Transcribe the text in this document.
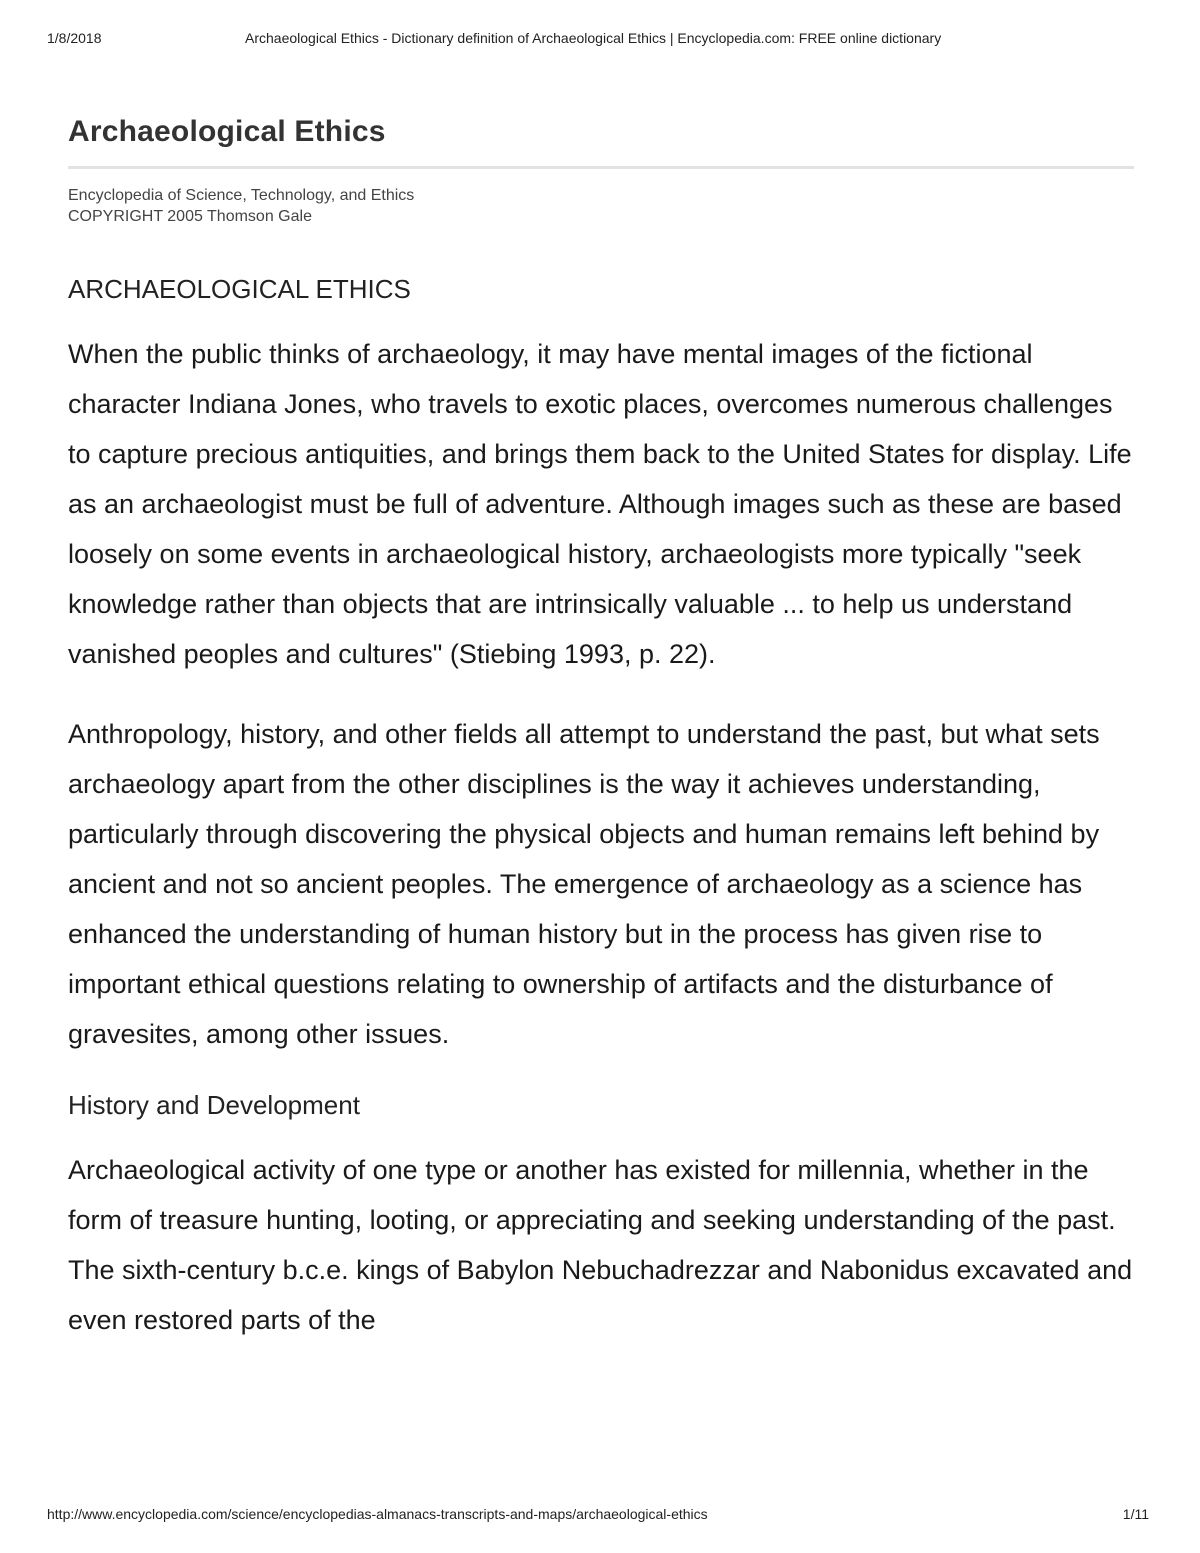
1/8/2018	Archaeological Ethics - Dictionary definition of Archaeological Ethics | Encyclopedia.com: FREE online dictionary
Archaeological Ethics
Encyclopedia of Science, Technology, and Ethics
COPYRIGHT 2005 Thomson Gale
ARCHAEOLOGICAL ETHICS

When the public thinks of archaeology, it may have mental images of the fictional character Indiana Jones, who travels to exotic places, overcomes numerous challenges to capture precious antiquities, and brings them back to the United States for display. Life as an archaeologist must be full of adventure. Although images such as these are based loosely on some events in archaeological history, archaeologists more typically "seek knowledge rather than objects that are intrinsically valuable ... to help us understand vanished peoples and cultures" (Stiebing 1993, p. 22).

Anthropology, history, and other fields all attempt to understand the past, but what sets archaeology apart from the other disciplines is the way it achieves understanding, particularly through discovering the physical objects and human remains left behind by ancient and not so ancient peoples. The emergence of archaeology as a science has enhanced the understanding of human history but in the process has given rise to important ethical questions relating to ownership of artifacts and the disturbance of gravesites, among other issues.

History and Development

Archaeological activity of one type or another has existed for millennia, whether in the form of treasure hunting, looting, or appreciating and seeking understanding of the past. The sixth-century b.c.e. kings of Babylon Nebuchadrezzar and Nabonidus excavated and even restored parts of the

http://www.encyclopedia.com/science/encyclopedias-almanacs-transcripts-and-maps/archaeological-ethics	1/11
